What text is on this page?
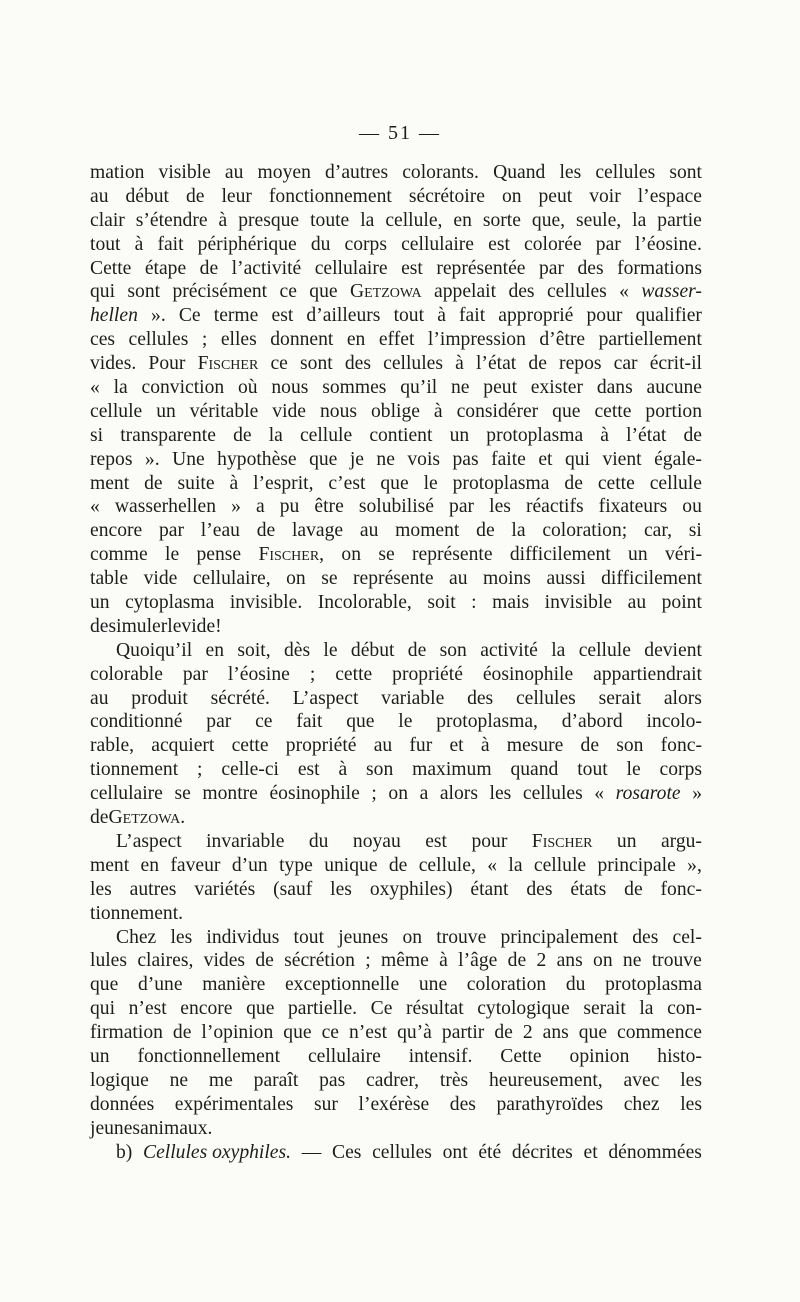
— 51 —
mation visible au moyen d’autres colorants. Quand les cellules sont
au début de leur fonctionnement sécrétoire on peut voir l’espace
clair s’étendre à presque toute la cellule, en sorte que, seule, la partie
tout à fait périphérique du corps cellulaire est colorée par l’éosine.
Cette étape de l’activité cellulaire est représentée par des formations
qui sont précisément ce que Getzowa appelait des cellules « wasser-
hellen ». Ce terme est d’ailleurs tout à fait approprié pour qualifier
ces cellules ; elles donnent en effet l’impression d’être partiellement
vides. Pour Fischer ce sont des cellules à l’état de repos car écrit-il
« la conviction où nous sommes qu’il ne peut exister dans aucune
cellule un véritable vide nous oblige à considérer que cette portion
si transparente de la cellule contient un protoplasma à l’état de
repos ». Une hypothèse que je ne vois pas faite et qui vient égale-
ment de suite à l’esprit, c’est que le protoplasma de cette cellule
« wasserhellen » a pu être solubilisé par les réactifs fixateurs ou
encore par l’eau de lavage au moment de la coloration; car, si
comme le pense Fischer, on se représente difficilement un véri-
table vide cellulaire, on se représente au moins aussi difficilement
un cytoplasma invisible. Incolorable, soit : mais invisible au point
de simuler le vide !
Quoiqu’il en soit, dès le début de son activité la cellule devient
colorable par l’éosine ; cette propriété éosinophile appartiendrait
au produit sécrété. L’aspect variable des cellules serait alors
conditionné par ce fait que le protoplasma, d’abord incolo-
rable, acquiert cette propriété au fur et à mesure de son fonc-
tionnement ; celle-ci est à son maximum quand tout le corps
cellulaire se montre éosinophile ; on a alors les cellules « rosarote »
de Getzowa.
L’aspect invariable du noyau est pour Fischer un argu-
ment en faveur d’un type unique de cellule, « la cellule principale »,
les autres variétés (sauf les oxyphiles) étant des états de fonc-
tionnement.
Chez les individus tout jeunes on trouve principalement des cel-
lules claires, vides de sécrétion ; même à l’âge de 2 ans on ne trouve
que d’une manière exceptionnelle une coloration du protoplasma
qui n’est encore que partielle. Ce résultat cytologique serait la con-
firmation de l’opinion que ce n’est qu’à partir de 2 ans que commence
un fonctionnellement cellulaire intensif. Cette opinion histo-
logique ne me paraît pas cadrer, très heureusement, avec les
données expérimentales sur l’exérèse des parathyroïdes chez les
jeunes animaux.
b) Cellules oxyphiles. — Ces cellules ont été décrites et dénommées
